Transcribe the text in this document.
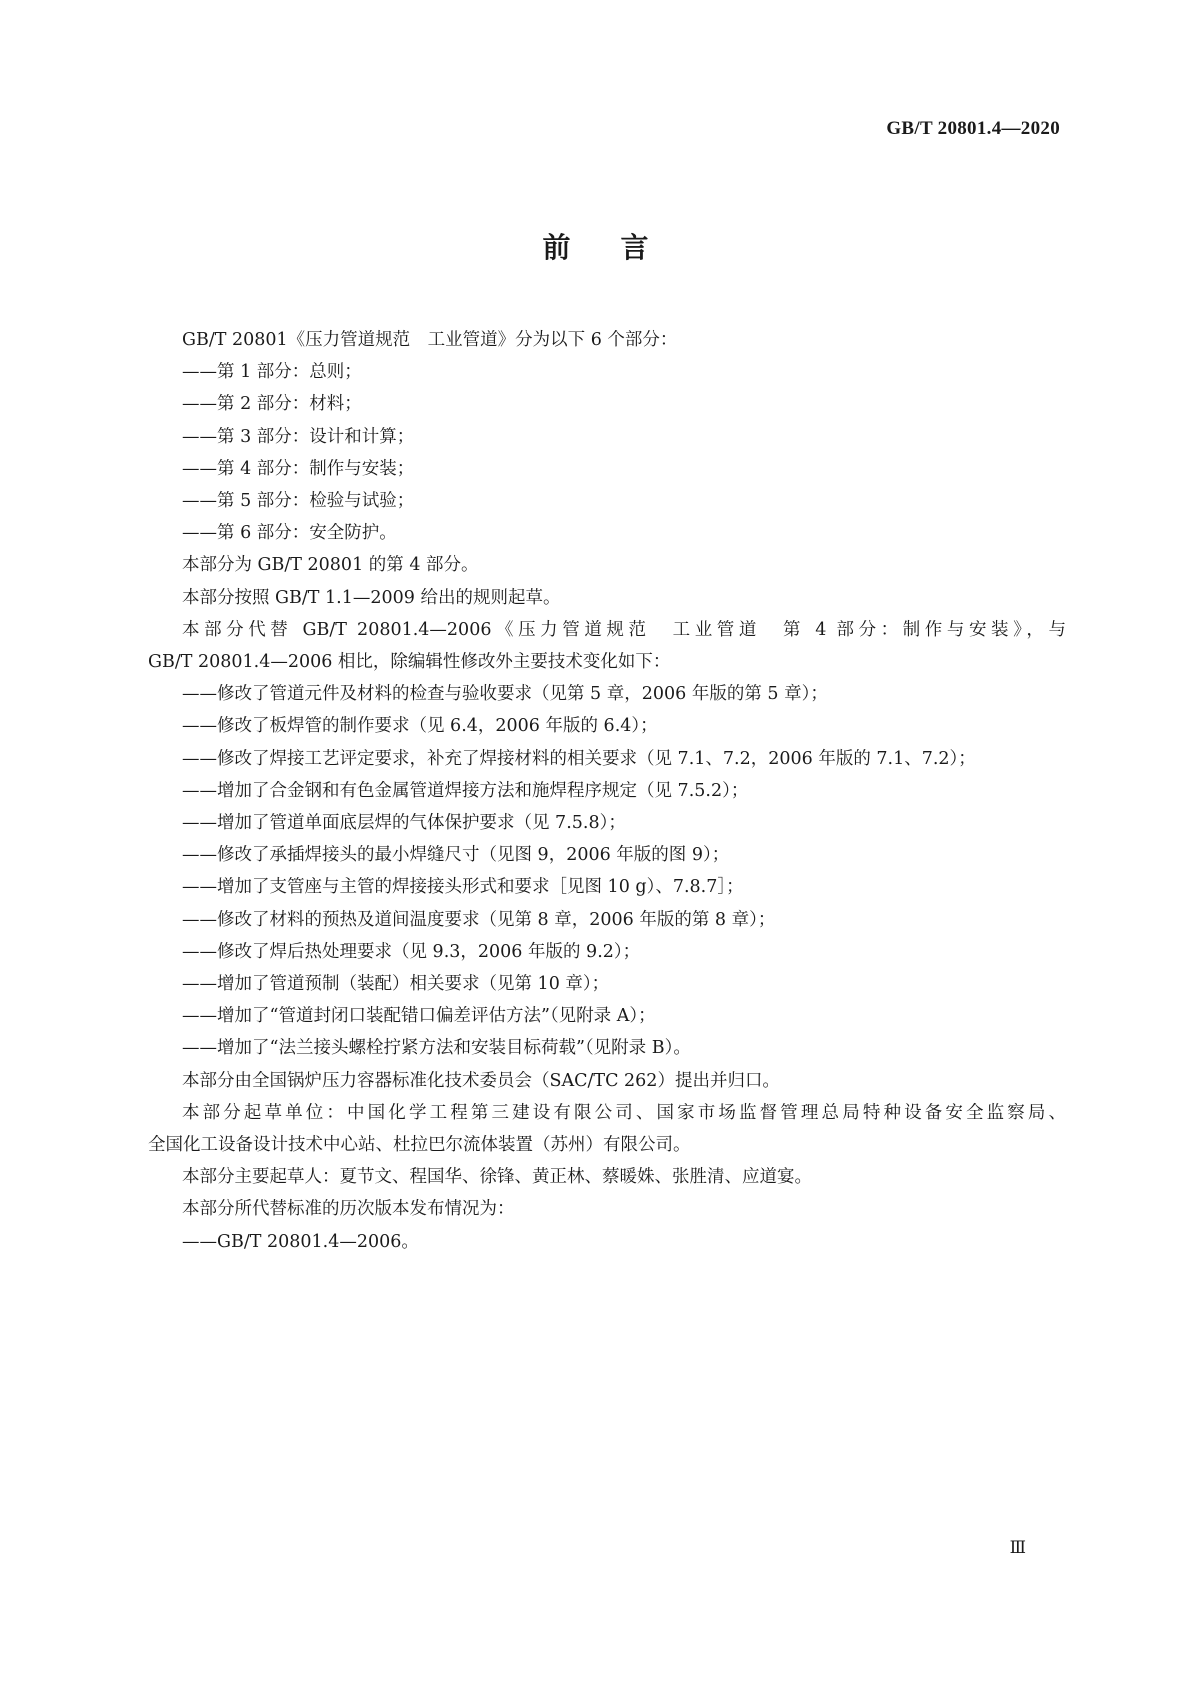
GB/T 20801.4—2020
前言

GB/T 20801《压力管道规范　工业管道》分为以下 6 个部分：

——第 1 部分：总则；

——第 2 部分：材料；

——第 3 部分：设计和计算；

——第 4 部分：制作与安装；

——第 5 部分：检验与试验；

——第 6 部分：安全防护。

本部分为 GB/T 20801 的第 4 部分。

本部分按照 GB/T 1.1—2009 给出的规则起草。

本部分代替 GB/T 20801.4—2006《压力管道规范　工业管道　第 4 部分：制作与安装》，与

GB/T 20801.4—2006 相比，除编辑性修改外主要技术变化如下：

——修改了管道元件及材料的检查与验收要求（见第 5 章，2006 年版的第 5 章）；

——修改了板焊管的制作要求（见 6.4，2006 年版的 6.4）；

——修改了焊接工艺评定要求，补充了焊接材料的相关要求（见 7.1、7.2，2006 年版的 7.1、7.2）；

——增加了合金钢和有色金属管道焊接方法和施焊程序规定（见 7.5.2）；

——增加了管道单面底层焊的气体保护要求（见 7.5.8）；

——修改了承插焊接头的最小焊缝尺寸（见图 9，2006 年版的图 9）；

——增加了支管座与主管的焊接接头形式和要求［见图 10 g）、7.8.7］；

——修改了材料的预热及道间温度要求（见第 8 章，2006 年版的第 8 章）；

——修改了焊后热处理要求（见 9.3，2006 年版的 9.2）；

——增加了管道预制（装配）相关要求（见第 10 章）；

——增加了“管道封闭口装配错口偏差评估方法”（见附录 A）；

——增加了“法兰接头螺栓拧紧方法和安装目标荷载”（见附录 B）。

本部分由全国锅炉压力容器标准化技术委员会（SAC/TC 262）提出并归口。

本部分起草单位：中国化学工程第三建设有限公司、国家市场监督管理总局特种设备安全监察局、

全国化工设备设计技术中心站、杜拉巴尔流体装置（苏州）有限公司。

本部分主要起草人：夏节文、程国华、徐锋、黄正林、蔡暖姝、张胜清、应道宴。

本部分所代替标准的历次版本发布情况为：

——GB/T 20801.4—2006。

Ⅲ
